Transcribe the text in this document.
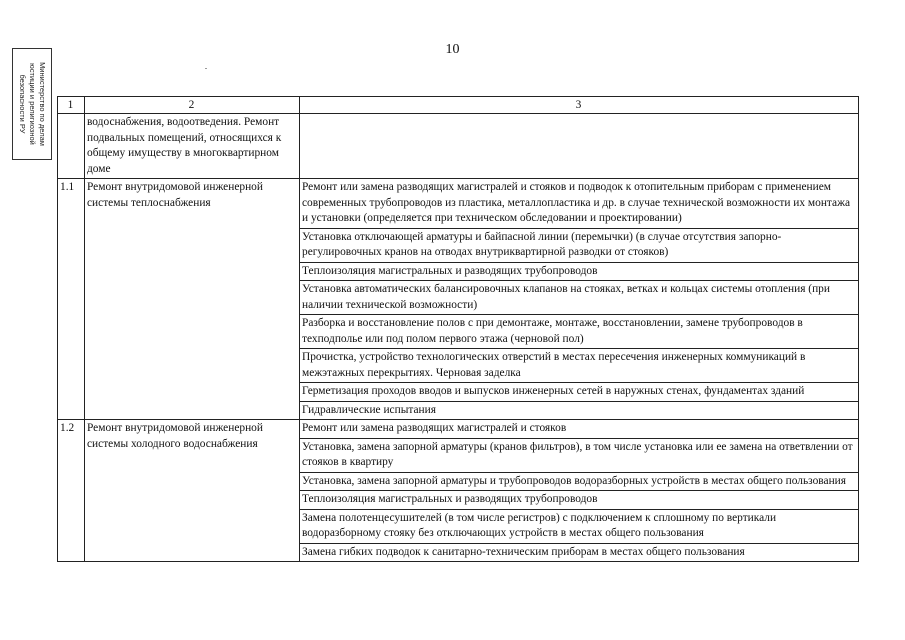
10
Министерство по делам
юстиции и религиозной
безопасности РУ	1	2	3
	водоснабжения, водоотведения. Ремонт подвальных помещений, относящихся к общему имуществу в многоквартирном доме	
1.1	Ремонт внутридомовой инженерной системы теплоснабжения	Ремонт или замена разводящих магистралей и стояков и подводок к отопительным приборам с применением современных трубопроводов из пластика, металлопластика и др. в случае технической возможности их монтажа и установки (определяется при техническом обследовании и проектировании)
		Установка отключающей арматуры и байпасной линии (перемычки) (в случае отсутствия запорно-регулировочных кранов на отводах внутриквартирной разводки от стояков)
		Теплоизоляция магистральных и разводящих трубопроводов
		Установка автоматических балансировочных клапанов на стояках, ветках и кольцах системы отопления (при наличии технической возможности)
		Разборка и восстановление полов с при демонтаже, монтаже, восстановлении, замене трубопроводов в техподполье или под полом первого этажа (черновой пол)
		Прочистка, устройство технологических отверстий в местах пересечения инженерных коммуникаций в межэтажных перекрытиях. Черновая заделка
		Герметизация проходов вводов и выпусков инженерных сетей в наружных стенах, фундаментах зданий
		Гидравлические испытания
1.2	Ремонт внутридомовой инженерной системы холодного водоснабжения	Ремонт или замена разводящих магистралей и стояков
		Установка, замена запорной арматуры (кранов фильтров), в том числе установка или ее замена на ответвлении от стояков в квартиру
		Установка, замена запорной арматуры и трубопроводов водоразборных устройств в местах общего пользования
		Теплоизоляция магистральных и разводящих трубопроводов
		Замена полотенцесушителей (в том числе регистров) с подключением к сплошному по вертикали водоразборному стояку без отключающих устройств в местах общего пользования
		Замена гибких подводок к санитарно-техническим приборам в местах общего пользования
